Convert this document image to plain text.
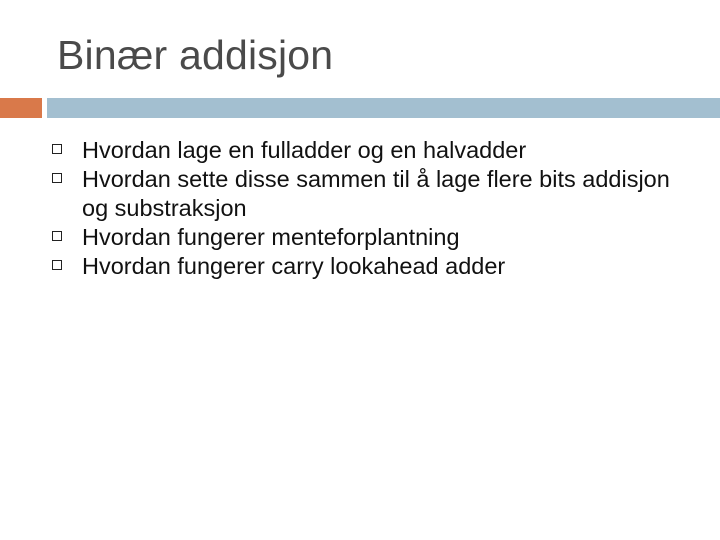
Binær addisjon
Hvordan lage en fulladder og en halvadder
Hvordan sette disse sammen til å lage flere bits addisjon og substraksjon
Hvordan fungerer menteforplantning
Hvordan fungerer carry lookahead adder
